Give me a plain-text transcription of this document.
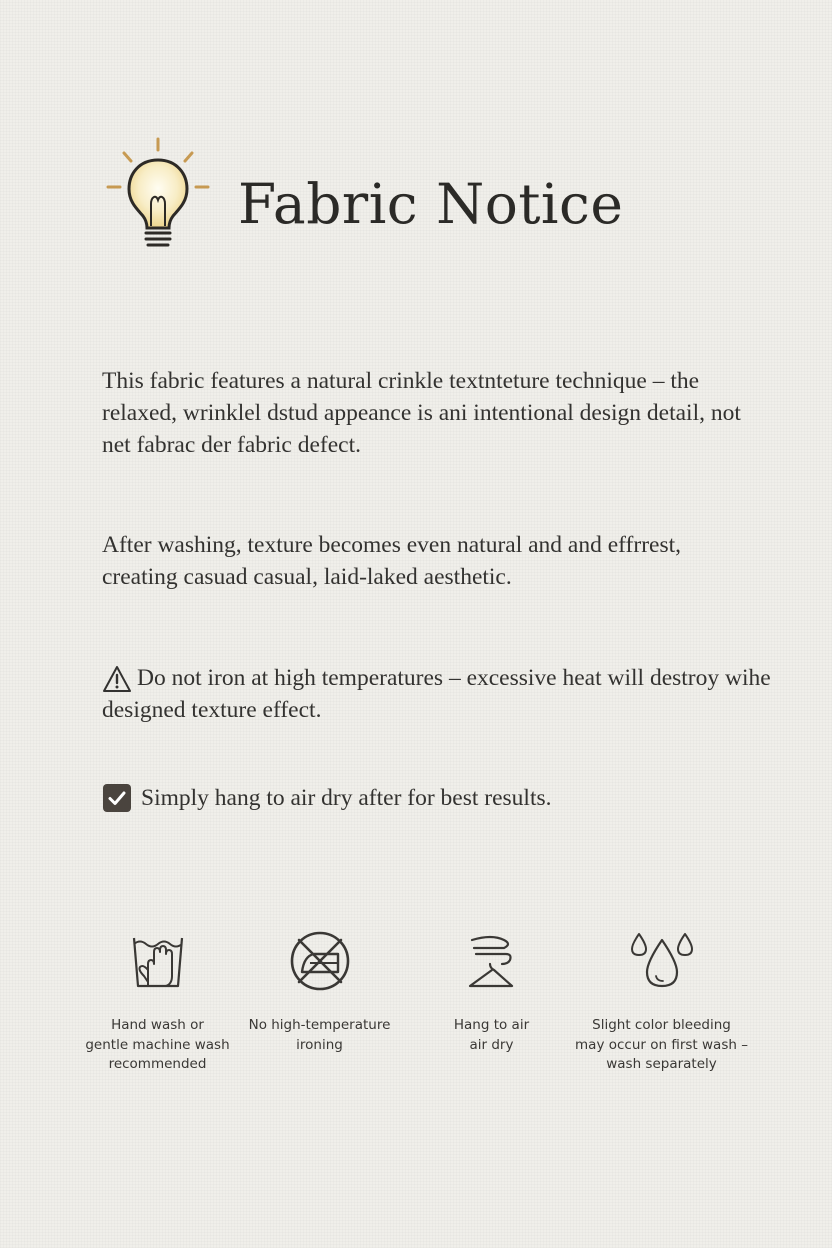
Fabric Notice

This fabric features a natural crinkle textnteture technique – the relaxed, wrinklel dstud appeance is ani intentional design detail, not net fabrac der fabric defect.

After washing, texture becomes even natural and and effrrest, creating casuad casual, laid-laked aesthetic.

Do not iron at high temperatures – excessive heat will destroy wihe designed texture effect.

Simply hang to air dry after for best results.
Hand wash or
gentle machine wash
recommended
No high-temperature
ironing
Hang to air
air dry
Slight color bleeding
may occur on first wash –
wash separately
